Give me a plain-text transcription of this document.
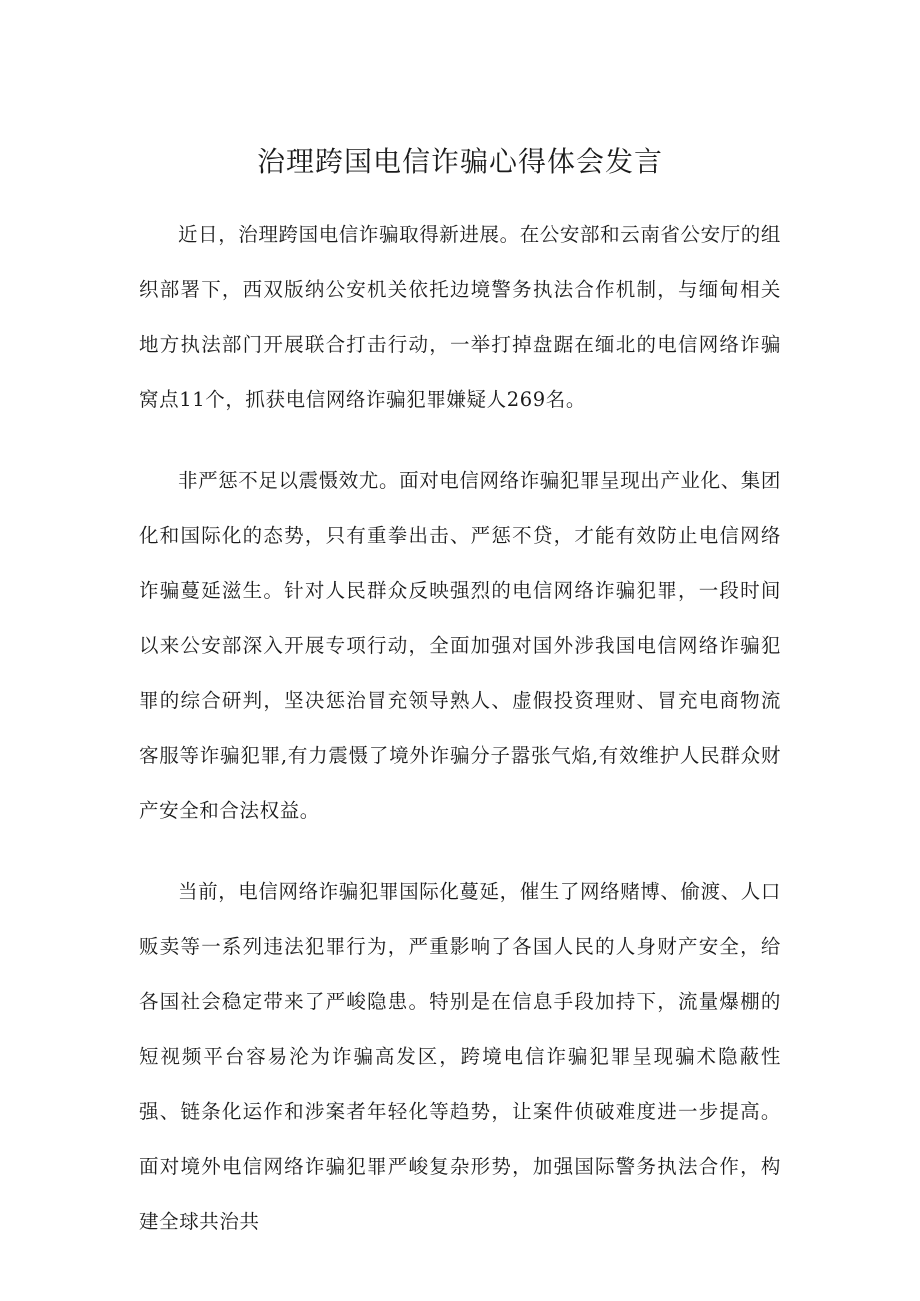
治理跨国电信诈骗心得体会发言

近日，治理跨国电信诈骗取得新进展。在公安部和云南省公安厅的组织部署下，西双版纳公安机关依托边境警务执法合作机制，与缅甸相关地方执法部门开展联合打击行动，一举打掉盘踞在缅北的电信网络诈骗窝点11个，抓获电信网络诈骗犯罪嫌疑人269名。

非严惩不足以震慑效尤。面对电信网络诈骗犯罪呈现出产业化、集团化和国际化的态势，只有重拳出击、严惩不贷，才能有效防止电信网络诈骗蔓延滋生。针对人民群众反映强烈的电信网络诈骗犯罪，一段时间以来公安部深入开展专项行动，全面加强对国外涉我国电信网络诈骗犯罪的综合研判，坚决惩治冒充领导熟人、虚假投资理财、冒充电商物流客服等诈骗犯罪,有力震慑了境外诈骗分子嚣张气焰,有效维护人民群众财产安全和合法权益。

当前，电信网络诈骗犯罪国际化蔓延，催生了网络赌博、偷渡、人口贩卖等一系列违法犯罪行为，严重影响了各国人民的人身财产安全，给各国社会稳定带来了严峻隐患。特别是在信息手段加持下，流量爆棚的短视频平台容易沦为诈骗高发区，跨境电信诈骗犯罪呈现骗术隐蔽性强、链条化运作和涉案者年轻化等趋势，让案件侦破难度进一步提高。面对境外电信网络诈骗犯罪严峻复杂形势，加强国际警务执法合作，构建全球共治共
